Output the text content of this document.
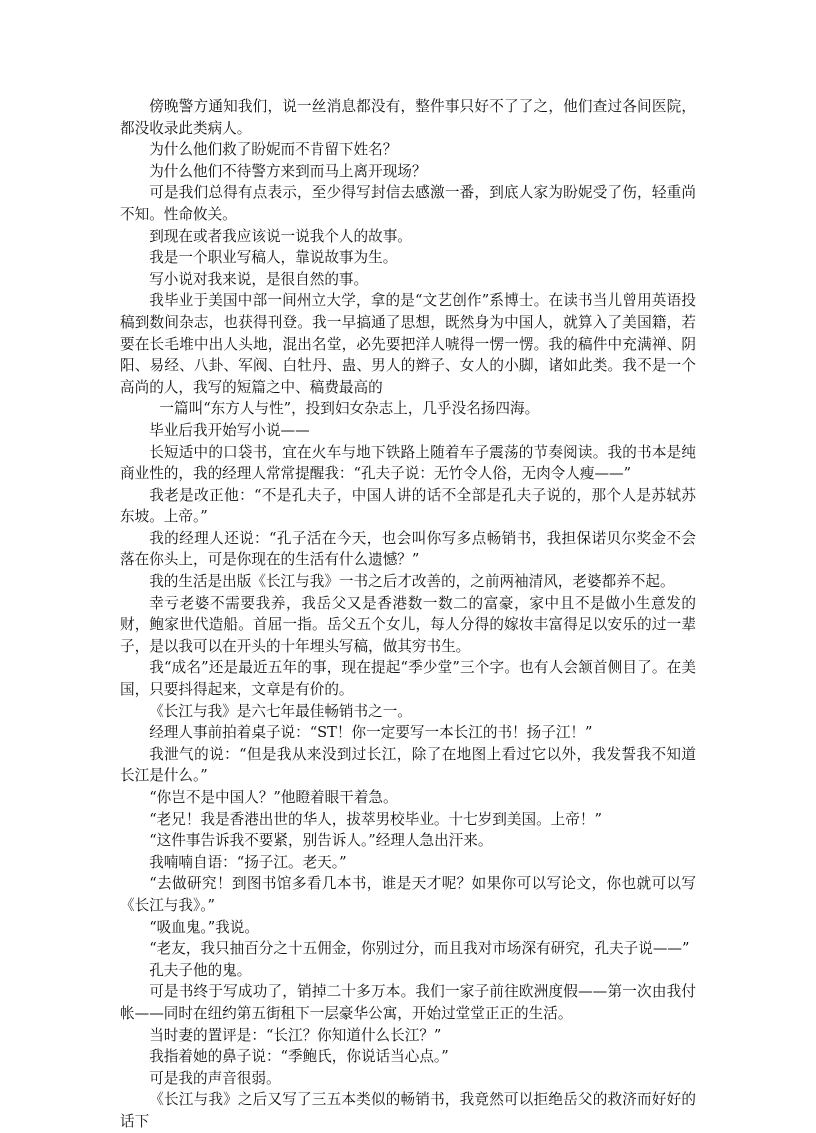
傍晚警方通知我们，说一丝消息都没有，整件事只好不了了之，他们查过各间医院，都没收录此类病人。

为什么他们救了盼妮而不肯留下姓名？

为什么他们不待警方来到而马上离开现场？

可是我们总得有点表示，至少得写封信去感激一番，到底人家为盼妮受了伤，轻重尚不知。性命攸关。

到现在或者我应该说一说我个人的故事。

我是一个职业写稿人，靠说故事为生。

写小说对我来说，是很自然的事。

我毕业于美国中部一间州立大学，拿的是“文艺创作”系博士。在读书当儿曾用英语投稿到数间杂志，也获得刊登。我一早搞通了思想，既然身为中国人，就算入了美国籍，若要在长毛堆中出人头地，混出名堂，必先要把洋人唬得一愣一愣。我的稿件中充满禅、阴阳、易经、八卦、军阀、白牡丹、蛊、男人的辫子、女人的小脚，诸如此类。我不是一个高尚的人，我写的短篇之中、稿费最高的

一篇叫“东方人与性”，投到妇女杂志上，几乎没名扬四海。

毕业后我开始写小说——

长短适中的口袋书，宜在火车与地下铁路上随着车子震荡的节奏阅读。我的书本是纯商业性的，我的经理人常常提醒我：“孔夫子说：无竹令人俗，无肉令人瘦——”

我老是改正他：“不是孔夫子，中国人讲的话不全部是孔夫子说的，那个人是苏轼苏东坡。上帝。”

我的经理人还说：“孔子活在今天，也会叫你写多点畅销书，我担保诺贝尔奖金不会落在你头上，可是你现在的生活有什么遗憾？”

我的生活是出版《长江与我》一书之后才改善的，之前两袖清风，老婆都养不起。

幸亏老婆不需要我养，我岳父又是香港数一数二的富豪，家中且不是做小生意发的财，鲍家世代造船。首屈一指。岳父五个女儿，每人分得的嫁妆丰富得足以安乐的过一辈子，是以我可以在开头的十年埋头写稿，做其穷书生。

我“成名”还是最近五年的事，现在提起“季少堂”三个字。也有人会颔首侧目了。在美国，只要抖得起来，文章是有价的。

《长江与我》是六七年最佳畅销书之一。

经理人事前拍着桌子说：“ST！你一定要写一本长江的书！扬子江！”

我泄气的说：“但是我从来没到过长江，除了在地图上看过它以外，我发誓我不知道长江是什么。”

“你岂不是中国人？”他瞪着眼干着急。

“老兄！我是香港出世的华人，拔萃男校毕业。十七岁到美国。上帝！”

“这件事告诉我不要紧，别告诉人。”经理人急出汗来。

我喃喃自语：“扬子江。老天。”

“去做研究！到图书馆多看几本书，谁是天才呢？如果你可以写论文，你也就可以写《长江与我》。”

“吸血鬼。”我说。

“老友，我只抽百分之十五佣金，你别过分，而且我对市场深有研究，孔夫子说——”

孔夫子他的鬼。

可是书终于写成功了，销掉二十多万本。我们一家子前往欧洲度假——第一次由我付帐——同时在纽约第五街租下一层豪华公寓，开始过堂堂正正的生活。

当时妻的置评是：“长江？你知道什么长江？”

我指着她的鼻子说：“季鲍氏，你说话当心点。”

可是我的声音很弱。

《长江与我》之后又写了三五本类似的畅销书，我竟然可以拒绝岳父的救济而好好的话下
